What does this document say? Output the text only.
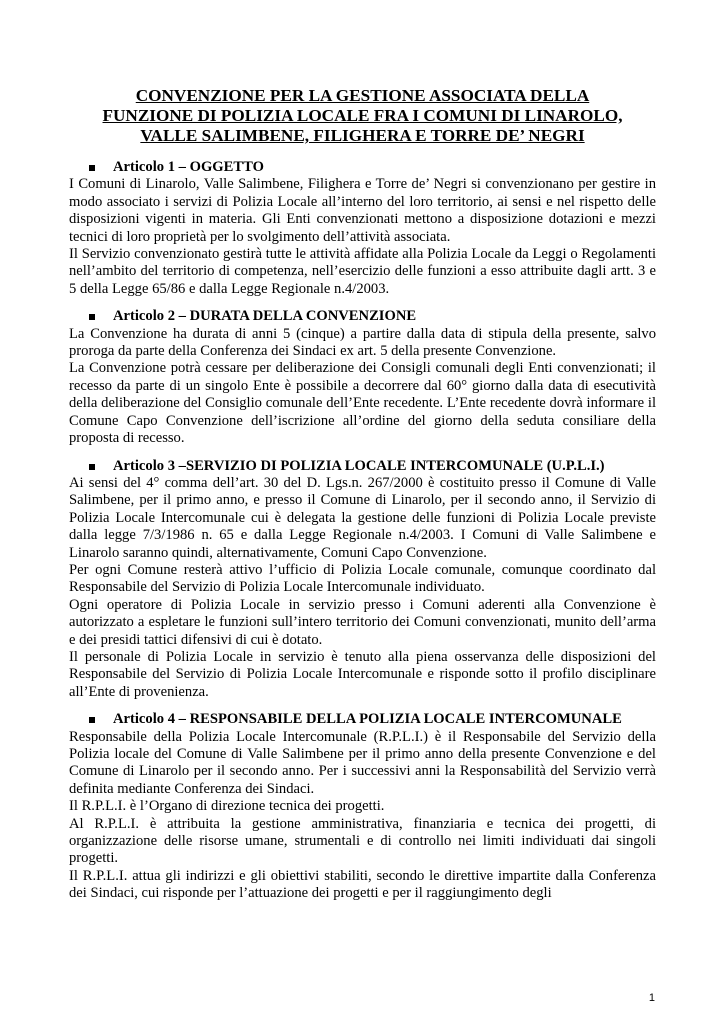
CONVENZIONE PER LA GESTIONE ASSOCIATA DELLA
FUNZIONE DI POLIZIA LOCALE FRA I COMUNI DI LINAROLO,
VALLE SALIMBENE, FILIGHERA E TORRE DE’ NEGRI

Articolo 1 – OGGETTO

I Comuni di Linarolo, Valle Salimbene, Filighera e Torre de’ Negri si convenzionano per gestire in modo associato i servizi di Polizia Locale all’interno del loro territorio, ai sensi e nel rispetto delle disposizioni vigenti in materia. Gli Enti convenzionati mettono a disposizione dotazioni e mezzi tecnici di loro proprietà per lo svolgimento dell’attività associata.

Il Servizio convenzionato gestirà tutte le attività affidate alla Polizia Locale da Leggi o Regolamenti nell’ambito del territorio di competenza, nell’esercizio delle funzioni a esso attribuite dagli artt. 3 e 5 della Legge 65/86 e dalla Legge Regionale n.4/2003.

Articolo 2 – DURATA DELLA CONVENZIONE

La Convenzione ha durata di anni 5 (cinque) a partire dalla data di stipula della presente, salvo proroga da parte della Conferenza dei Sindaci ex art. 5 della presente Convenzione.

La Convenzione potrà cessare per deliberazione dei Consigli comunali degli Enti convenzionati; il recesso da parte di un singolo Ente è possibile a decorrere dal 60° giorno dalla data di esecutività della deliberazione del Consiglio comunale dell’Ente recedente. L’Ente recedente dovrà informare il Comune Capo Convenzione dell’iscrizione all’ordine del giorno della seduta consiliare della proposta di recesso.

Articolo 3 –SERVIZIO DI POLIZIA LOCALE INTERCOMUNALE (U.P.L.I.)

Ai sensi del 4° comma dell’art. 30 del D. Lgs.n. 267/2000 è costituito presso il Comune di Valle Salimbene, per il primo anno, e presso il Comune di Linarolo, per il secondo anno, il Servizio di Polizia Locale Intercomunale cui è delegata la gestione delle funzioni di Polizia Locale previste dalla legge 7/3/1986 n. 65 e dalla Legge Regionale n.4/2003. I Comuni di Valle Salimbene e Linarolo saranno quindi, alternativamente, Comuni Capo Convenzione.

Per ogni Comune resterà attivo l’ufficio di Polizia Locale comunale, comunque coordinato dal Responsabile del Servizio di Polizia Locale Intercomunale individuato.

Ogni operatore di Polizia Locale in servizio presso i Comuni aderenti alla Convenzione è autorizzato a espletare le funzioni sull’intero territorio dei Comuni convenzionati, munito dell’arma e dei presidi tattici difensivi di cui è dotato.

Il personale di Polizia Locale in servizio è tenuto alla piena osservanza delle disposizioni del Responsabile del Servizio di Polizia Locale Intercomunale e risponde sotto il profilo disciplinare all’Ente di provenienza.

Articolo 4 – RESPONSABILE DELLA POLIZIA LOCALE INTERCOMUNALE

Responsabile della Polizia Locale Intercomunale (R.P.L.I.) è il Responsabile del Servizio della Polizia locale del Comune di Valle Salimbene per il primo anno della presente Convenzione e del Comune di Linarolo per il secondo anno. Per i successivi anni la Responsabilità del Servizio verrà definita mediante Conferenza dei Sindaci.

Il R.P.L.I. è l’Organo di direzione tecnica dei progetti.

Al R.P.L.I. è attribuita la gestione amministrativa, finanziaria e tecnica dei progetti, di organizzazione delle risorse umane, strumentali e di controllo nei limiti individuati dai singoli progetti.

Il R.P.L.I. attua gli indirizzi e gli obiettivi stabiliti, secondo le direttive impartite dalla Conferenza dei Sindaci, cui risponde per l’attuazione dei progetti e per il raggiungimento degli

1
